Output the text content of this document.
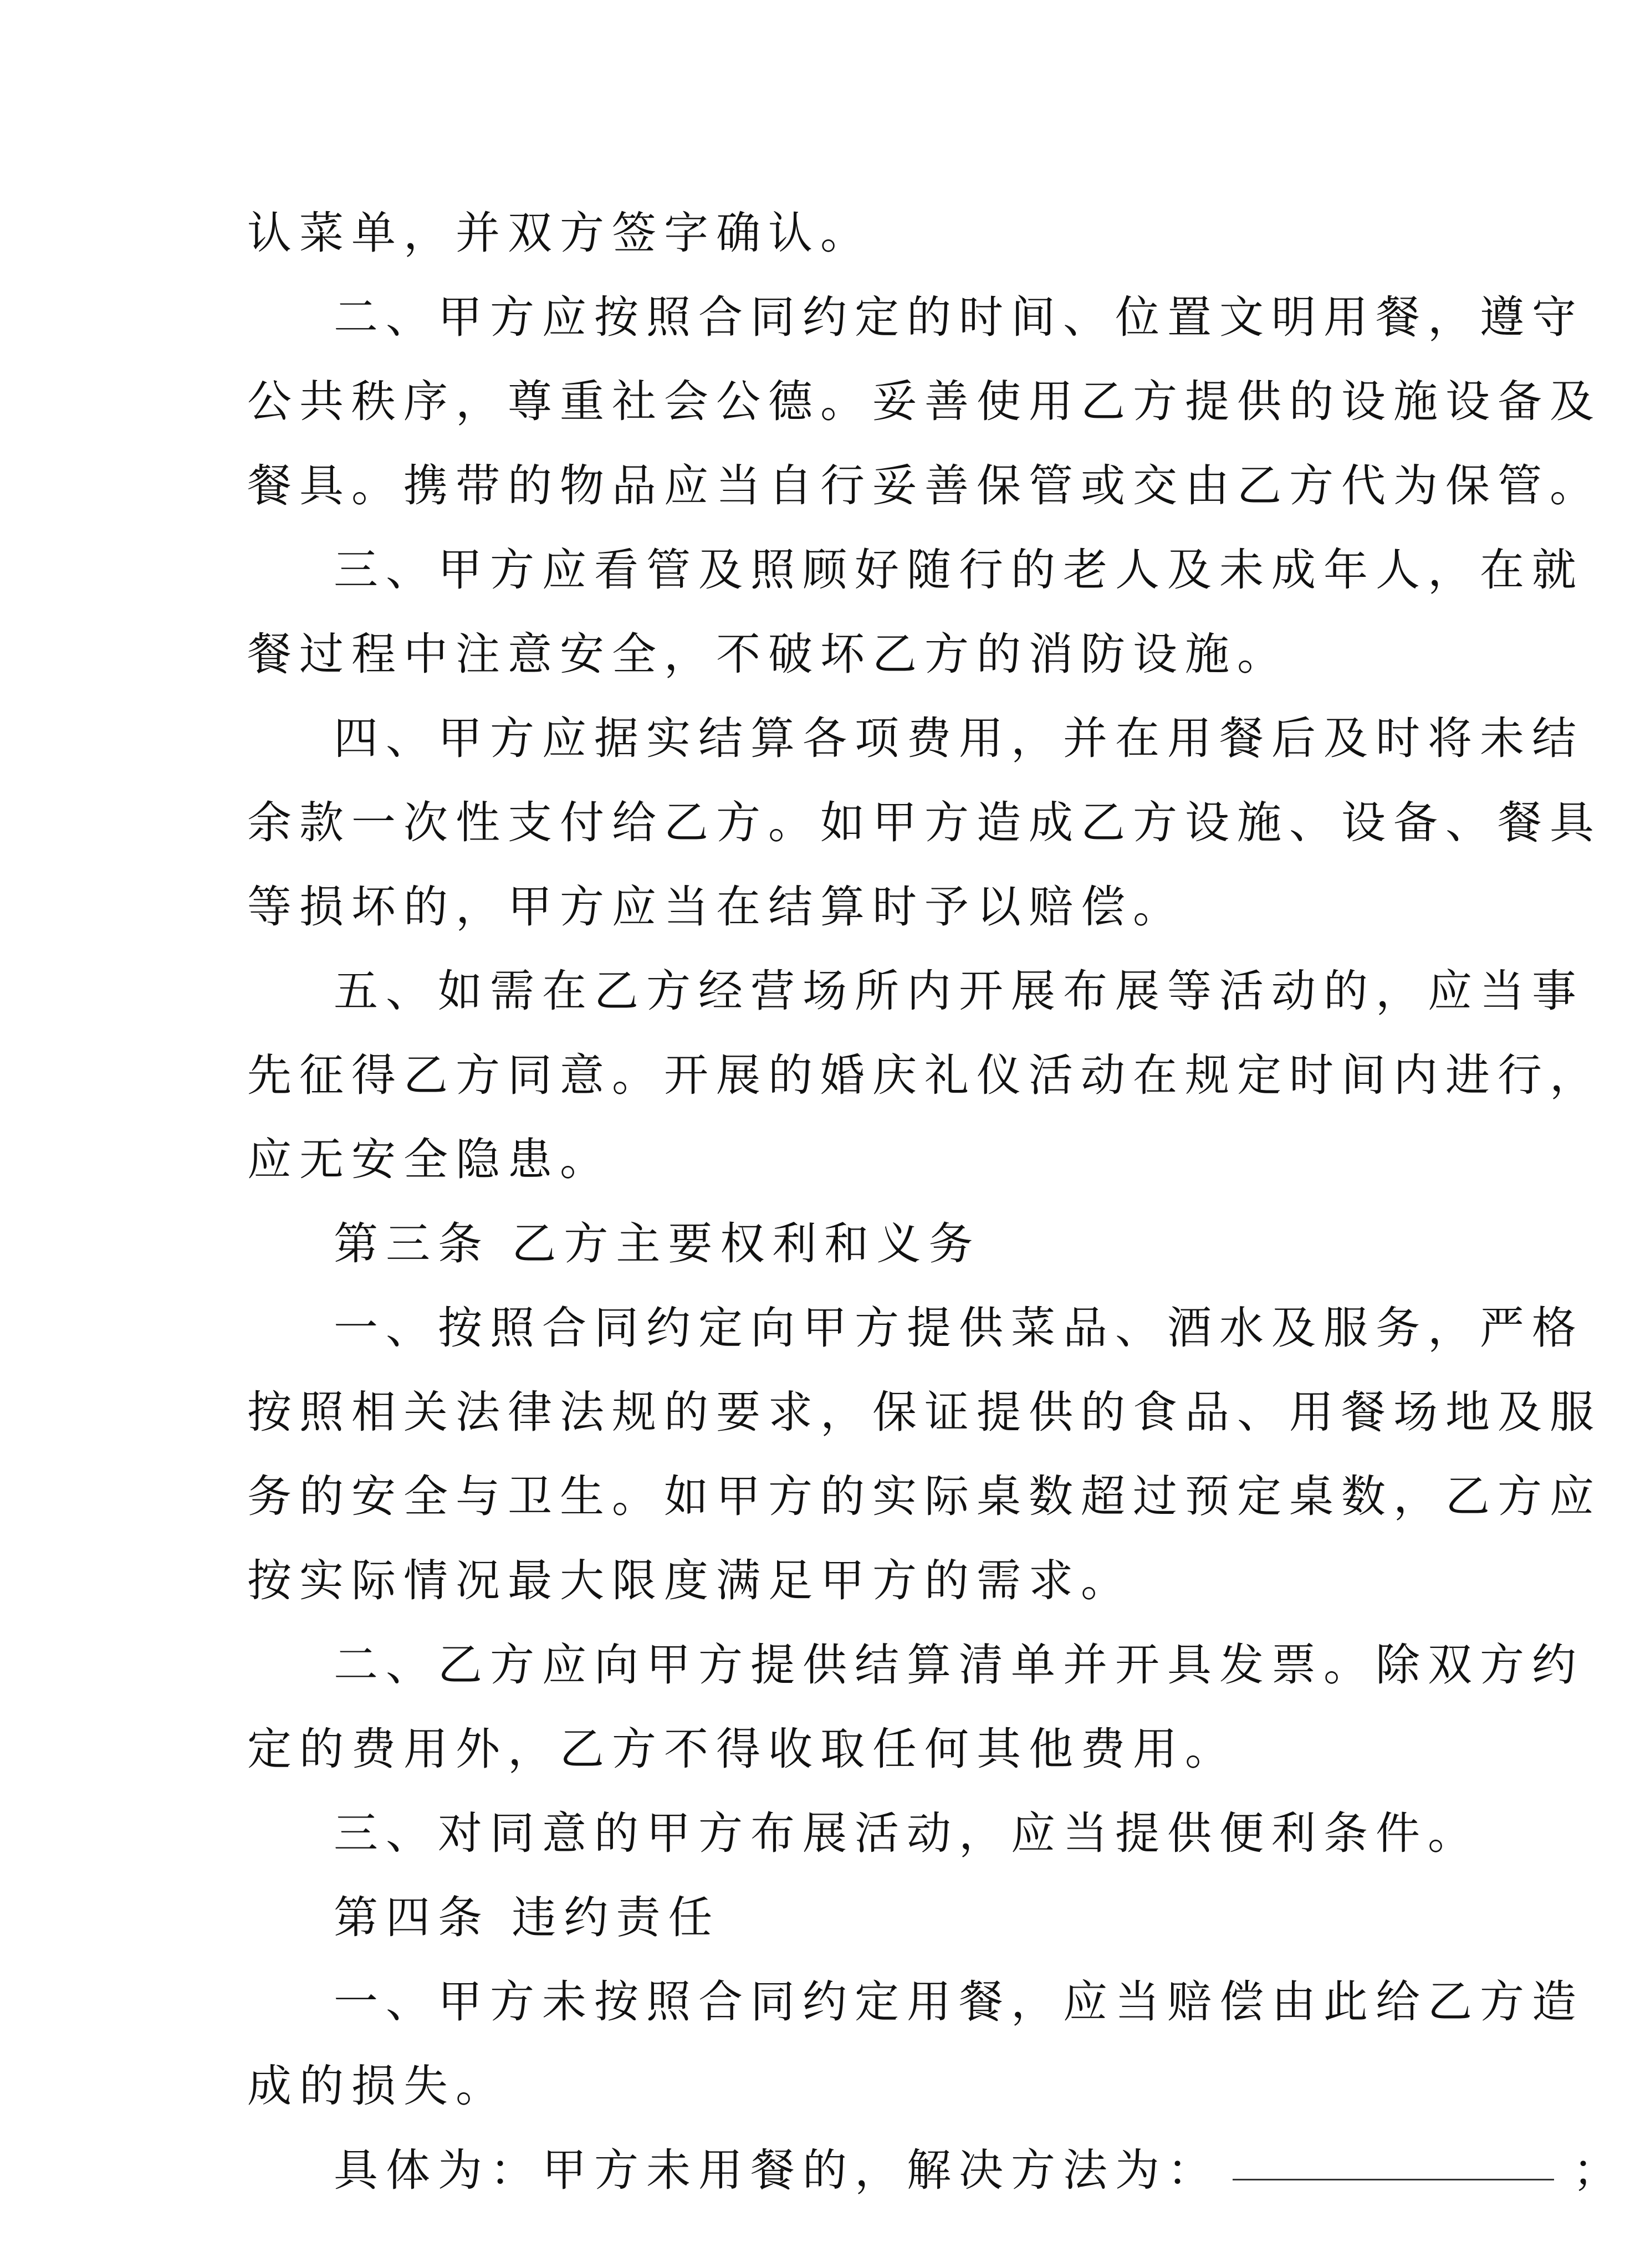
认菜单，并双方签字确认。
二、甲方应按照合同约定的时间、位置文明用餐，遵守
公共秩序，尊重社会公德。妥善使用乙方提供的设施设备及
餐具。携带的物品应当自行妥善保管或交由乙方代为保管。
三、甲方应看管及照顾好随行的老人及未成年人，在就
餐过程中注意安全，不破坏乙方的消防设施。
四、甲方应据实结算各项费用，并在用餐后及时将未结
余款一次性支付给乙方。如甲方造成乙方设施、设备、餐具
等损坏的，甲方应当在结算时予以赔偿。
五、如需在乙方经营场所内开展布展等活动的，应当事
先征得乙方同意。开展的婚庆礼仪活动在规定时间内进行，
应无安全隐患。
第三条 乙方主要权利和义务
一、按照合同约定向甲方提供菜品、酒水及服务，严格
按照相关法律法规的要求，保证提供的食品、用餐场地及服
务的安全与卫生。如甲方的实际桌数超过预定桌数，乙方应
按实际情况最大限度满足甲方的需求。
二、乙方应向甲方提供结算清单并开具发票。除双方约
定的费用外，乙方不得收取任何其他费用。
三、对同意的甲方布展活动，应当提供便利条件。
第四条 违约责任
一、甲方未按照合同约定用餐，应当赔偿由此给乙方造
成的损失。
具体为：甲方未用餐的，解决方法为：	；
